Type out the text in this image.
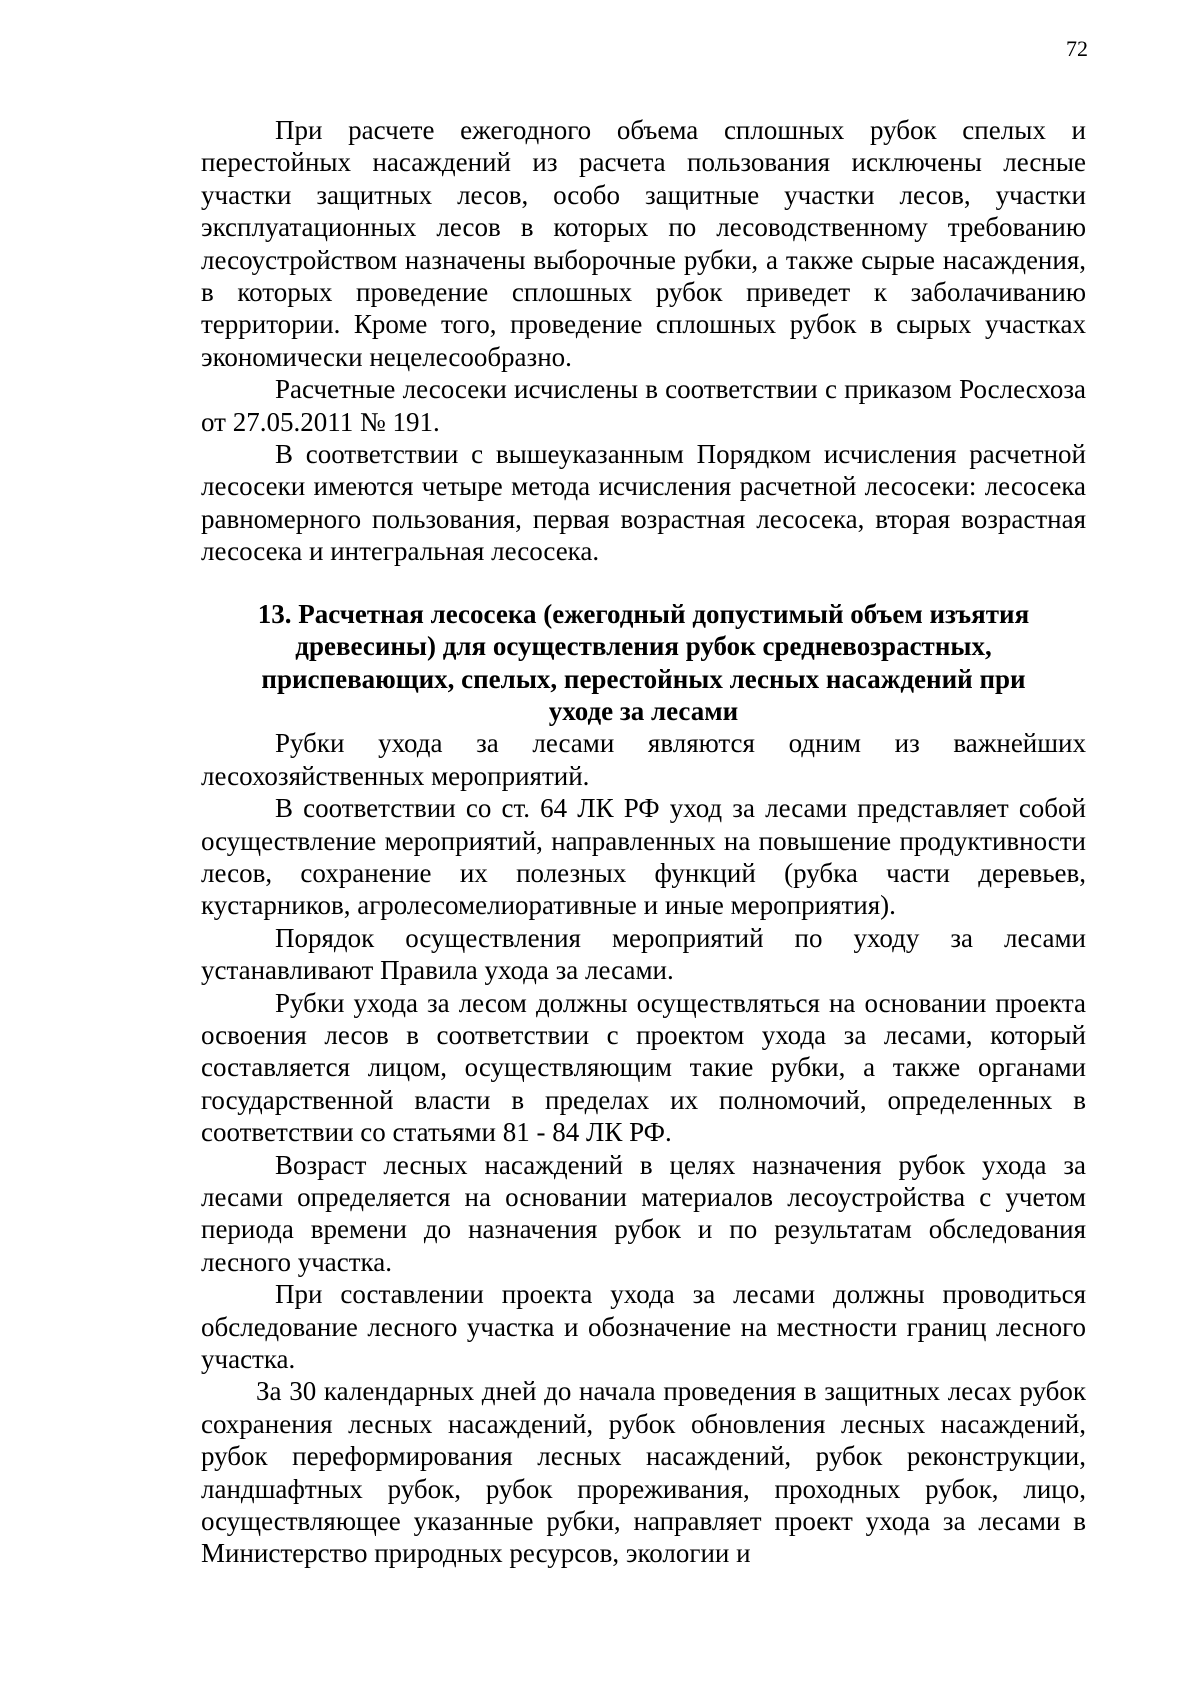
72

При расчете ежегодного объема сплошных рубок спелых и перестойных насаждений из расчета пользования исключены лесные участки защитных лесов, особо защитные участки лесов, участки эксплуатационных лесов в которых по лесоводственному требованию лесоустройством назначены выборочные рубки, а также сырые насаждения, в которых проведение сплошных рубок приведет к заболачиванию территории. Кроме того, проведение сплошных рубок в сырых участках экономически нецелесообразно.

Расчетные лесосеки исчислены в соответствии с приказом Рослесхоза от 27.05.2011 № 191.

В соответствии с вышеуказанным Порядком исчисления расчетной лесосеки имеются четыре метода исчисления расчетной лесосеки: лесосека равномерного пользования, первая возрастная лесосека, вторая возрастная лесосека и интегральная лесосека.

13. Расчетная лесосека (ежегодный допустимый объем изъятия древесины) для осуществления рубок средневозрастных, приспевающих, спелых, перестойных лесных насаждений при уходе за лесами

Рубки ухода за лесами являются одним из важнейших лесохозяйственных мероприятий.

В соответствии со ст. 64 ЛК РФ уход за лесами представляет собой осуществление мероприятий, направленных на повышение продуктивности лесов, сохранение их полезных функций (рубка части деревьев, кустарников, агролесомелиоративные и иные мероприятия).

Порядок осуществления мероприятий по уходу за лесами устанавливают Правила ухода за лесами.

Рубки ухода за лесом должны осуществляться на основании проекта освоения лесов в соответствии с проектом ухода за лесами, который составляется лицом, осуществляющим такие рубки, а также органами государственной власти в пределах их полномочий, определенных в соответствии со статьями 81 - 84 ЛК РФ.

Возраст лесных насаждений в целях назначения рубок ухода за лесами определяется на основании материалов лесоустройства с учетом периода времени до назначения рубок и по результатам обследования лесного участка.

При составлении проекта ухода за лесами должны проводиться обследование лесного участка и обозначение на местности границ лесного участка.

За 30 календарных дней до начала проведения в защитных лесах рубок сохранения лесных насаждений, рубок обновления лесных насаждений, рубок переформирования лесных насаждений, рубок реконструкции, ландшафтных рубок, рубок прореживания, проходных рубок, лицо, осуществляющее указанные рубки, направляет проект ухода за лесами в Министерство природных ресурсов, экологии и
